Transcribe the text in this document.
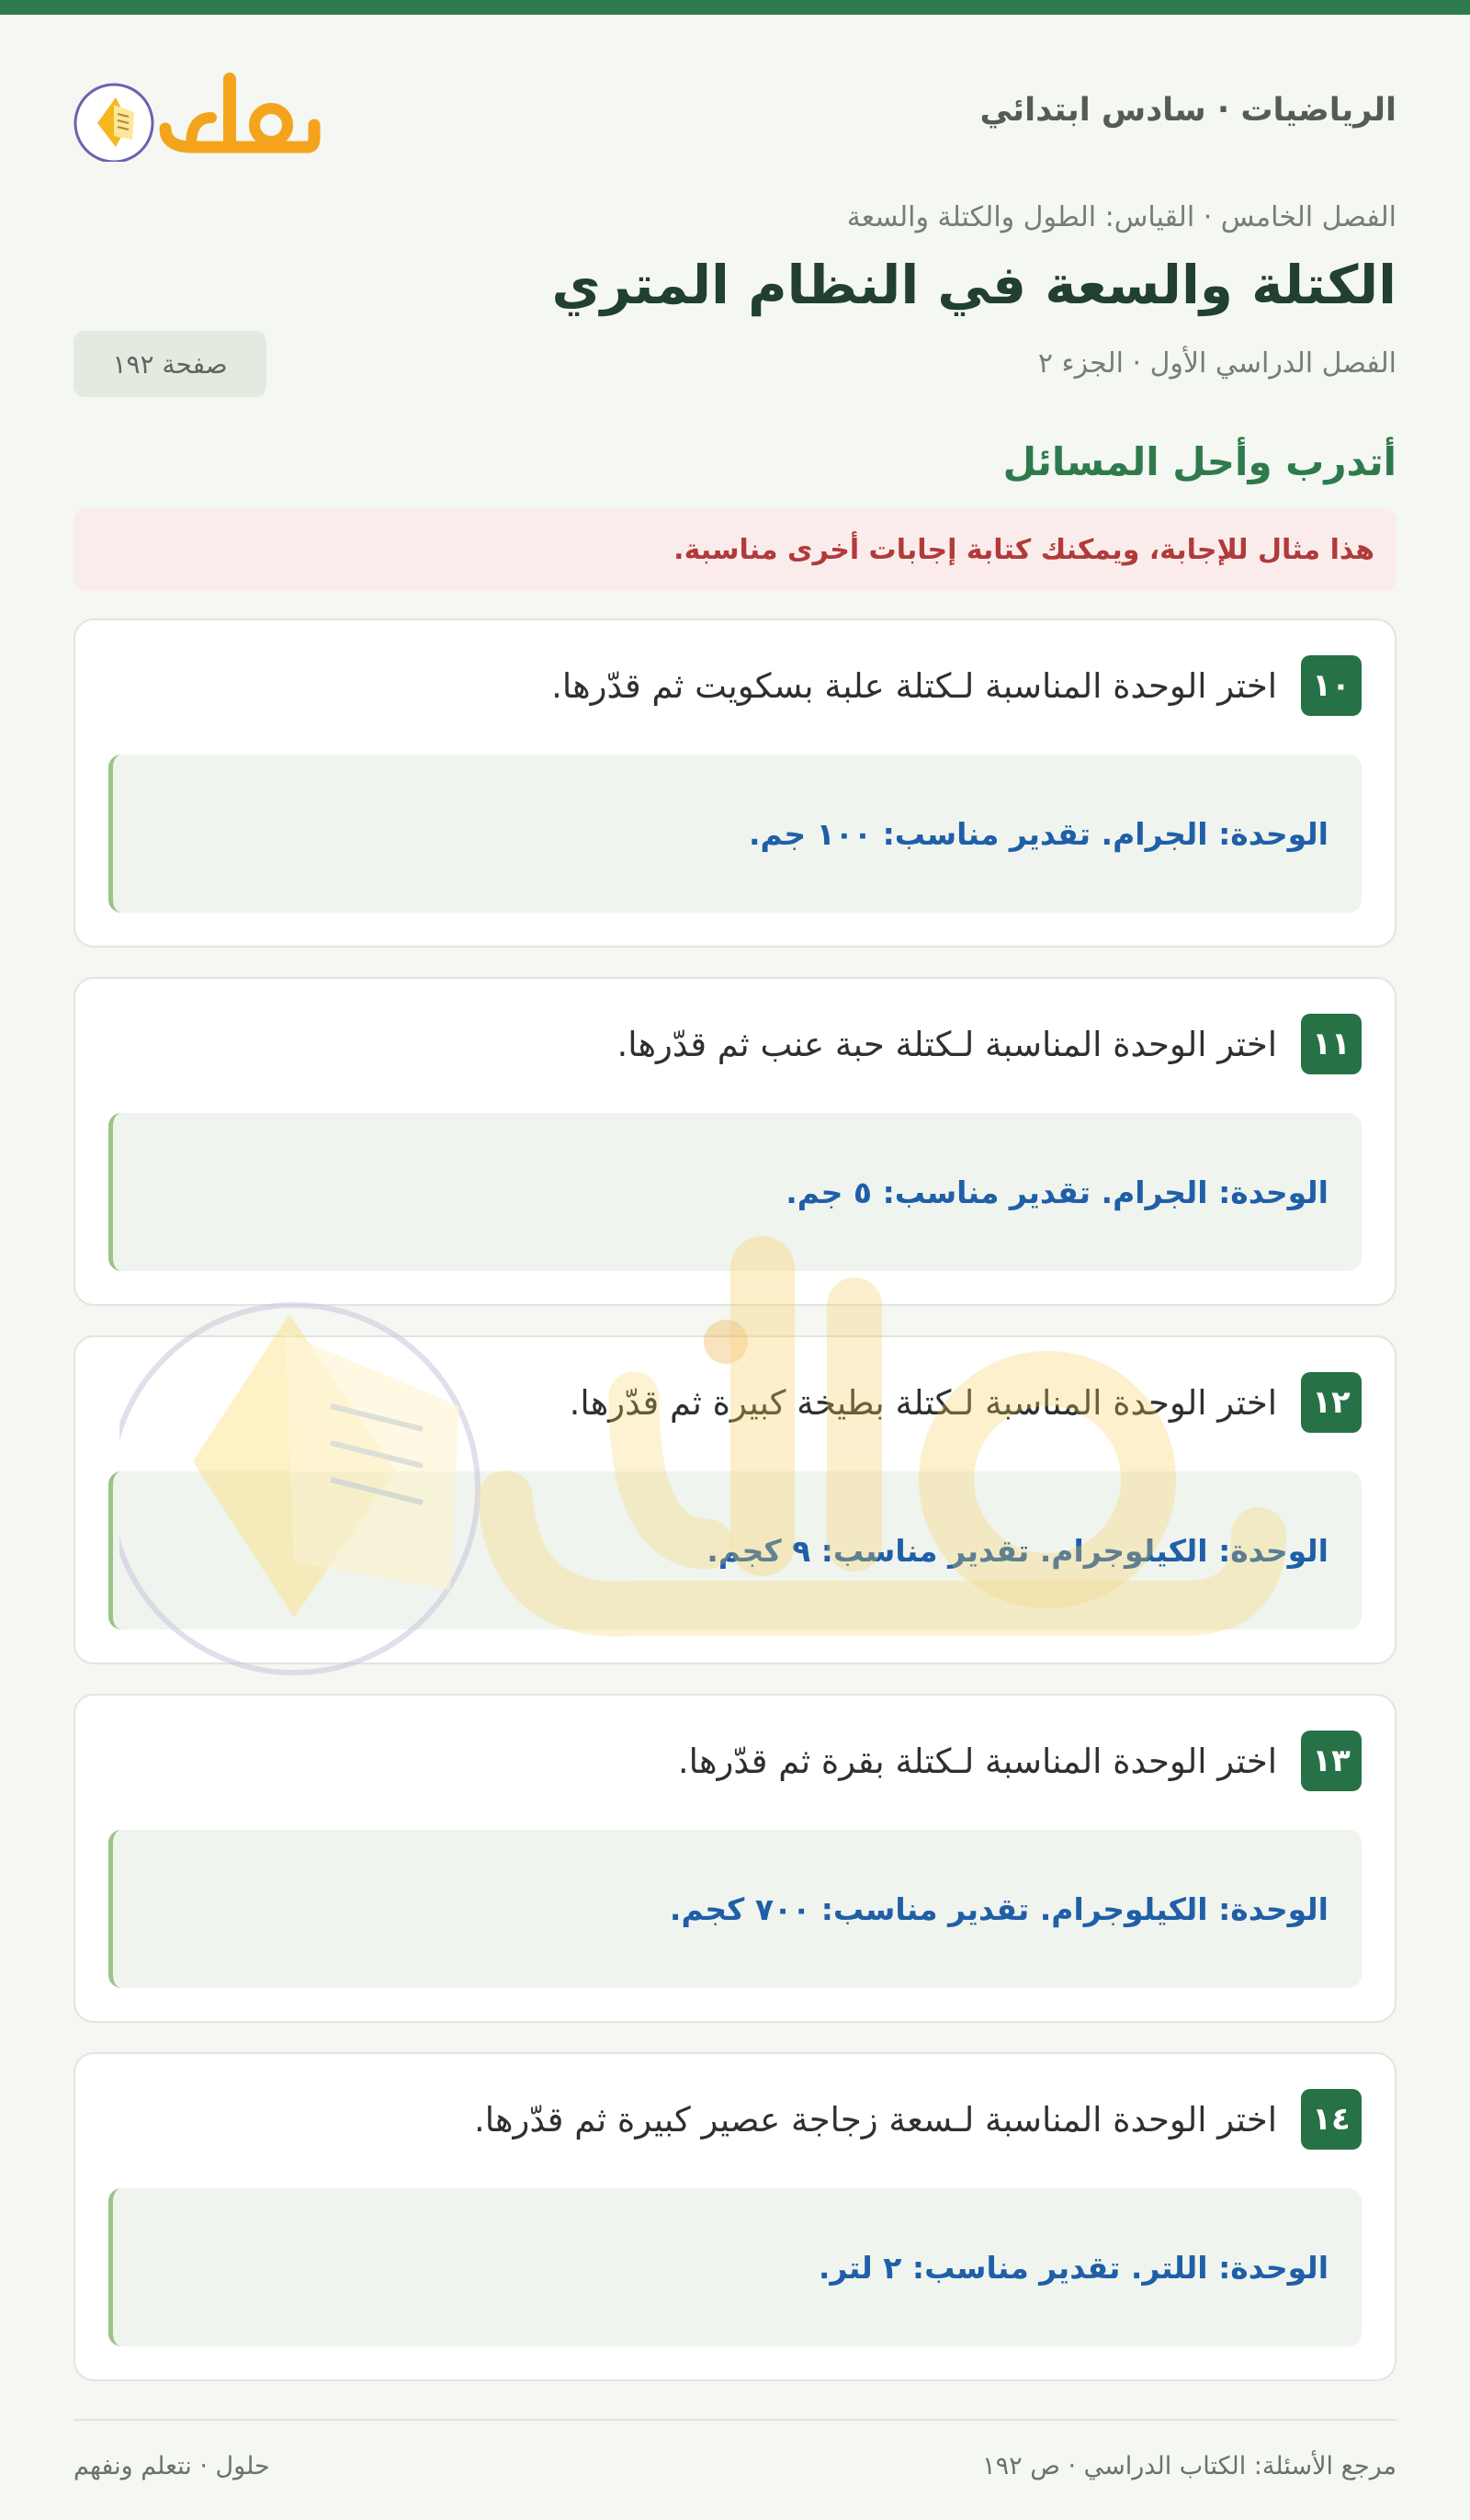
الرياضيات · سادس ابتدائي
الفصل الخامس · القياس: الطول والكتلة والسعة
الكتلة والسعة في النظام المتري
الفصل الدراسي الأول · الجزء ٢
صفحة ١٩٢
أتدرب وأحل المسائل
هذا مثال للإجابة، ويمكنك كتابة إجابات أخرى مناسبة.
١٠
اختر الوحدة المناسبة لـكتلة علبة بسكويت ثم قدّرها.
الوحدة: الجرام. تقدير مناسب: ١٠٠ جم.
١١
اختر الوحدة المناسبة لـكتلة حبة عنب ثم قدّرها.
الوحدة: الجرام. تقدير مناسب: ٥ جم.
١٢
اختر الوحدة المناسبة لـكتلة بطيخة كبيرة ثم قدّرها.
الوحدة: الكيلوجرام. تقدير مناسب: ٩ كجم.
١٣
اختر الوحدة المناسبة لـكتلة بقرة ثم قدّرها.
الوحدة: الكيلوجرام. تقدير مناسب: ٧٠٠ كجم.
١٤
اختر الوحدة المناسبة لـسعة زجاجة عصير كبيرة ثم قدّرها.
الوحدة: اللتر. تقدير مناسب: ٢ لتر.
مرجع الأسئلة: الكتاب الدراسي · ص ١٩٢
حلول · نتعلم ونفهم
